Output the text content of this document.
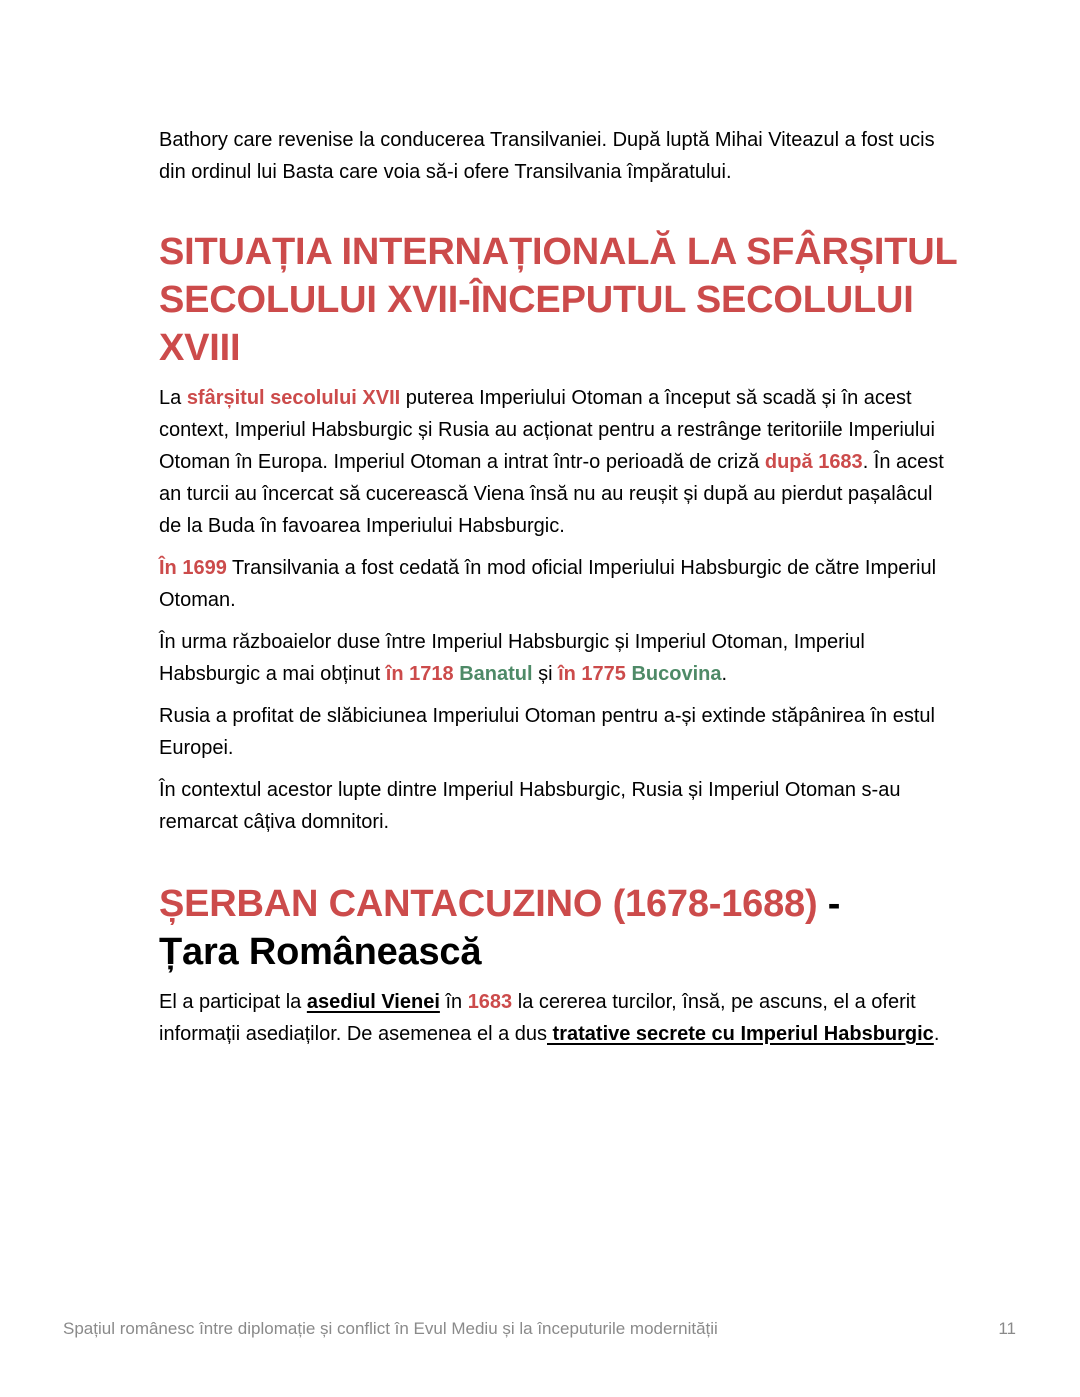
Bathory care revenise la conducerea Transilvaniei. După luptă Mihai Viteazul a fost ucis din ordinul lui Basta care voia să-i ofere Transilvania împăratului.

SITUAȚIA INTERNAȚIONALĂ LA SFÂRȘITUL SECOLULUI XVII-ÎNCEPUTUL SECOLULUI XVIII

La sfârșitul secolului XVII puterea Imperiului Otoman a început să scadă și în acest context, Imperiul Habsburgic și Rusia au acționat pentru a restrânge teritoriile Imperiului Otoman în Europa. Imperiul Otoman a intrat într-o perioadă de criză după 1683. În acest an turcii au încercat să cucerească Viena însă nu au reușit și după au pierdut pașalâcul de la Buda în favoarea Imperiului Habsburgic.

În 1699 Transilvania a fost cedată în mod oficial Imperiului Habsburgic de către Imperiul Otoman.

În urma războaielor duse între Imperiul Habsburgic și Imperiul Otoman, Imperiul Habsburgic a mai obținut în 1718 Banatul și în 1775 Bucovina.

Rusia a profitat de slăbiciunea Imperiului Otoman pentru a-și extinde stăpânirea în estul Europei.

În contextul acestor lupte dintre Imperiul Habsburgic, Rusia și Imperiul Otoman s-au remarcat câțiva domnitori.

ȘERBAN CANTACUZINO (1678-1688) -
Țara Românească

El a participat la asediul Vienei în 1683 la cererea turcilor, însă, pe ascuns, el a oferit informații asediaților. De asemenea el a dus tratative secrete cu Imperiul Habsburgic.

Spațiul românesc între diplomație și conflict în Evul Mediu și la începuturile modernității	11
